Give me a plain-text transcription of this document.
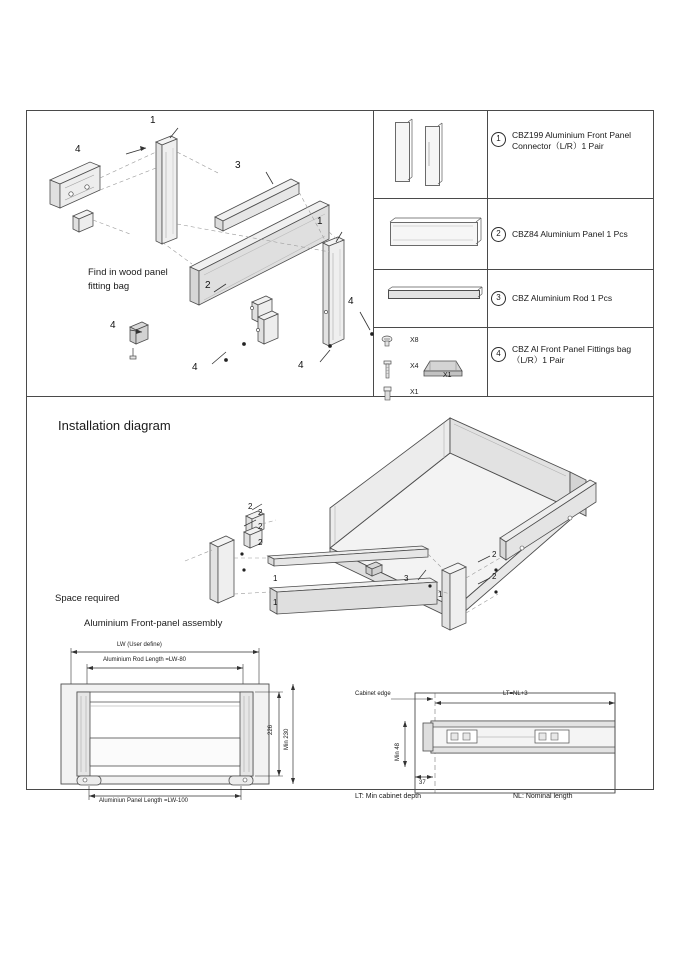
1	CBZ199 Aluminium Front Panel Connector（L/R）1 Pair
2	CBZ84 Aluminium Panel 1 Pcs
3	CBZ Aluminium Rod 1 Pcs
X8
X4
X1
X1
4	CBZ Al Front Panel Fittings bag（L/R）1 Pair
1
1
2
3
4
4
4	4
4
Find in wood panel
fitting bag
Installation diagram
1
1
1
2
2
2
2
2
2
3
Space required
Aluminium Front-panel assembly
LW (User define)
Aluminium Rod Length =LW-80
Aluminiun Panel Length =LW-100
226 Min 230
Cabinet edge	LT=NL+3
Min 48
37
LT: Min cabinet depth	NL: Nominal length
